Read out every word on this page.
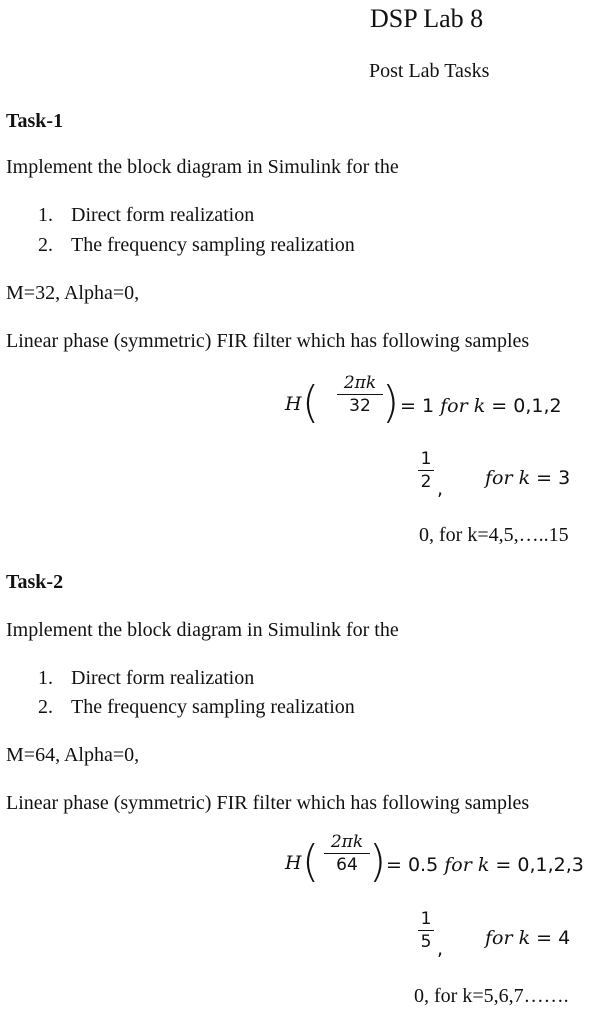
DSP Lab 8
Post Lab Tasks
Task-1
Implement the block diagram in Simulink for the
1. Direct form realization
2. The frequency sampling realization
M=32, Alpha=0,
Linear phase (symmetric) FIR filter which has following samples
H (	2πk
32 ) = 1 for k = 0,1,2
1
2 , for k = 3
0, for k=4,5,…..15
Task-2
Implement the block diagram in Simulink for the
1. Direct form realization
2. The frequency sampling realization
M=64, Alpha=0,
Linear phase (symmetric) FIR filter which has following samples
H ( 2πk
64 ) = 0.5 for k = 0,1,2,3
1
5 , for k = 4
0, for k=5,6,7…….
